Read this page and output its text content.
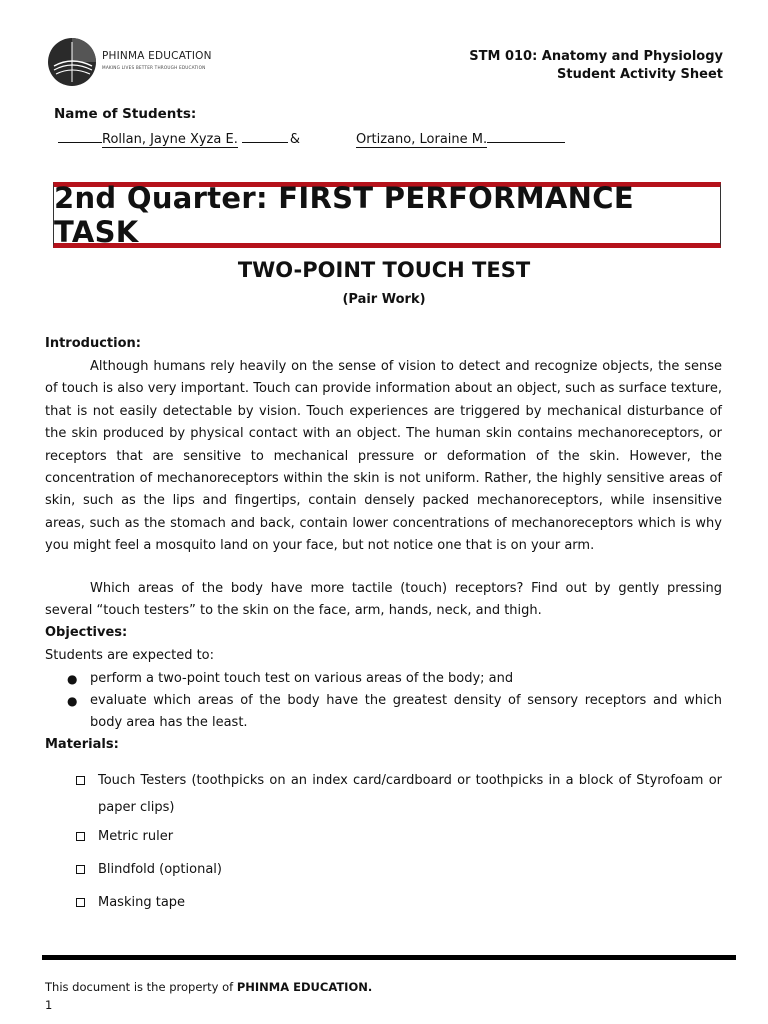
PHINMA EDUCATION
MAKING LIVES BETTER THROUGH EDUCATION
STM 010: Anatomy and Physiology
Student Activity Sheet
Name of Students:
Rollan, Jayne Xyza E.	&	Ortizano, Loraine M.
2nd Quarter: FIRST PERFORMANCE TASK
TWO-POINT TOUCH TEST
(Pair Work)
Introduction:
Although humans rely heavily on the sense of vision to detect and recognize objects, the sense of touch is also very important. Touch can provide information about an object, such as surface texture, that is not easily detectable by vision. Touch experiences are triggered by mechanical disturbance of the skin produced by physical contact with an object. The human skin contains mechanoreceptors, or receptors that are sensitive to mechanical pressure or deformation of the skin. However, the concentration of mechanoreceptors within the skin is not uniform. Rather, the highly sensitive areas of skin, such as the lips and fingertips, contain densely packed mechanoreceptors, while insensitive areas, such as the stomach and back, contain lower concentrations of mechanoreceptors which is why you might feel a mosquito land on your face, but not notice one that is on your arm.
Which areas of the body have more tactile (touch) receptors? Find out by gently pressing several “touch testers” to the skin on the face, arm, hands, neck, and thigh.
Objectives:
Students are expected to:
● perform a two-point touch test on various areas of the body; and
● evaluate which areas of the body have the greatest density of sensory receptors and which body area has the least.
Materials:
Touch Testers (toothpicks on an index card/cardboard or toothpicks in a block of Styrofoam or paper clips)
Metric ruler
Blindfold (optional)
Masking tape
This document is the property of PHINMA EDUCATION.
1
